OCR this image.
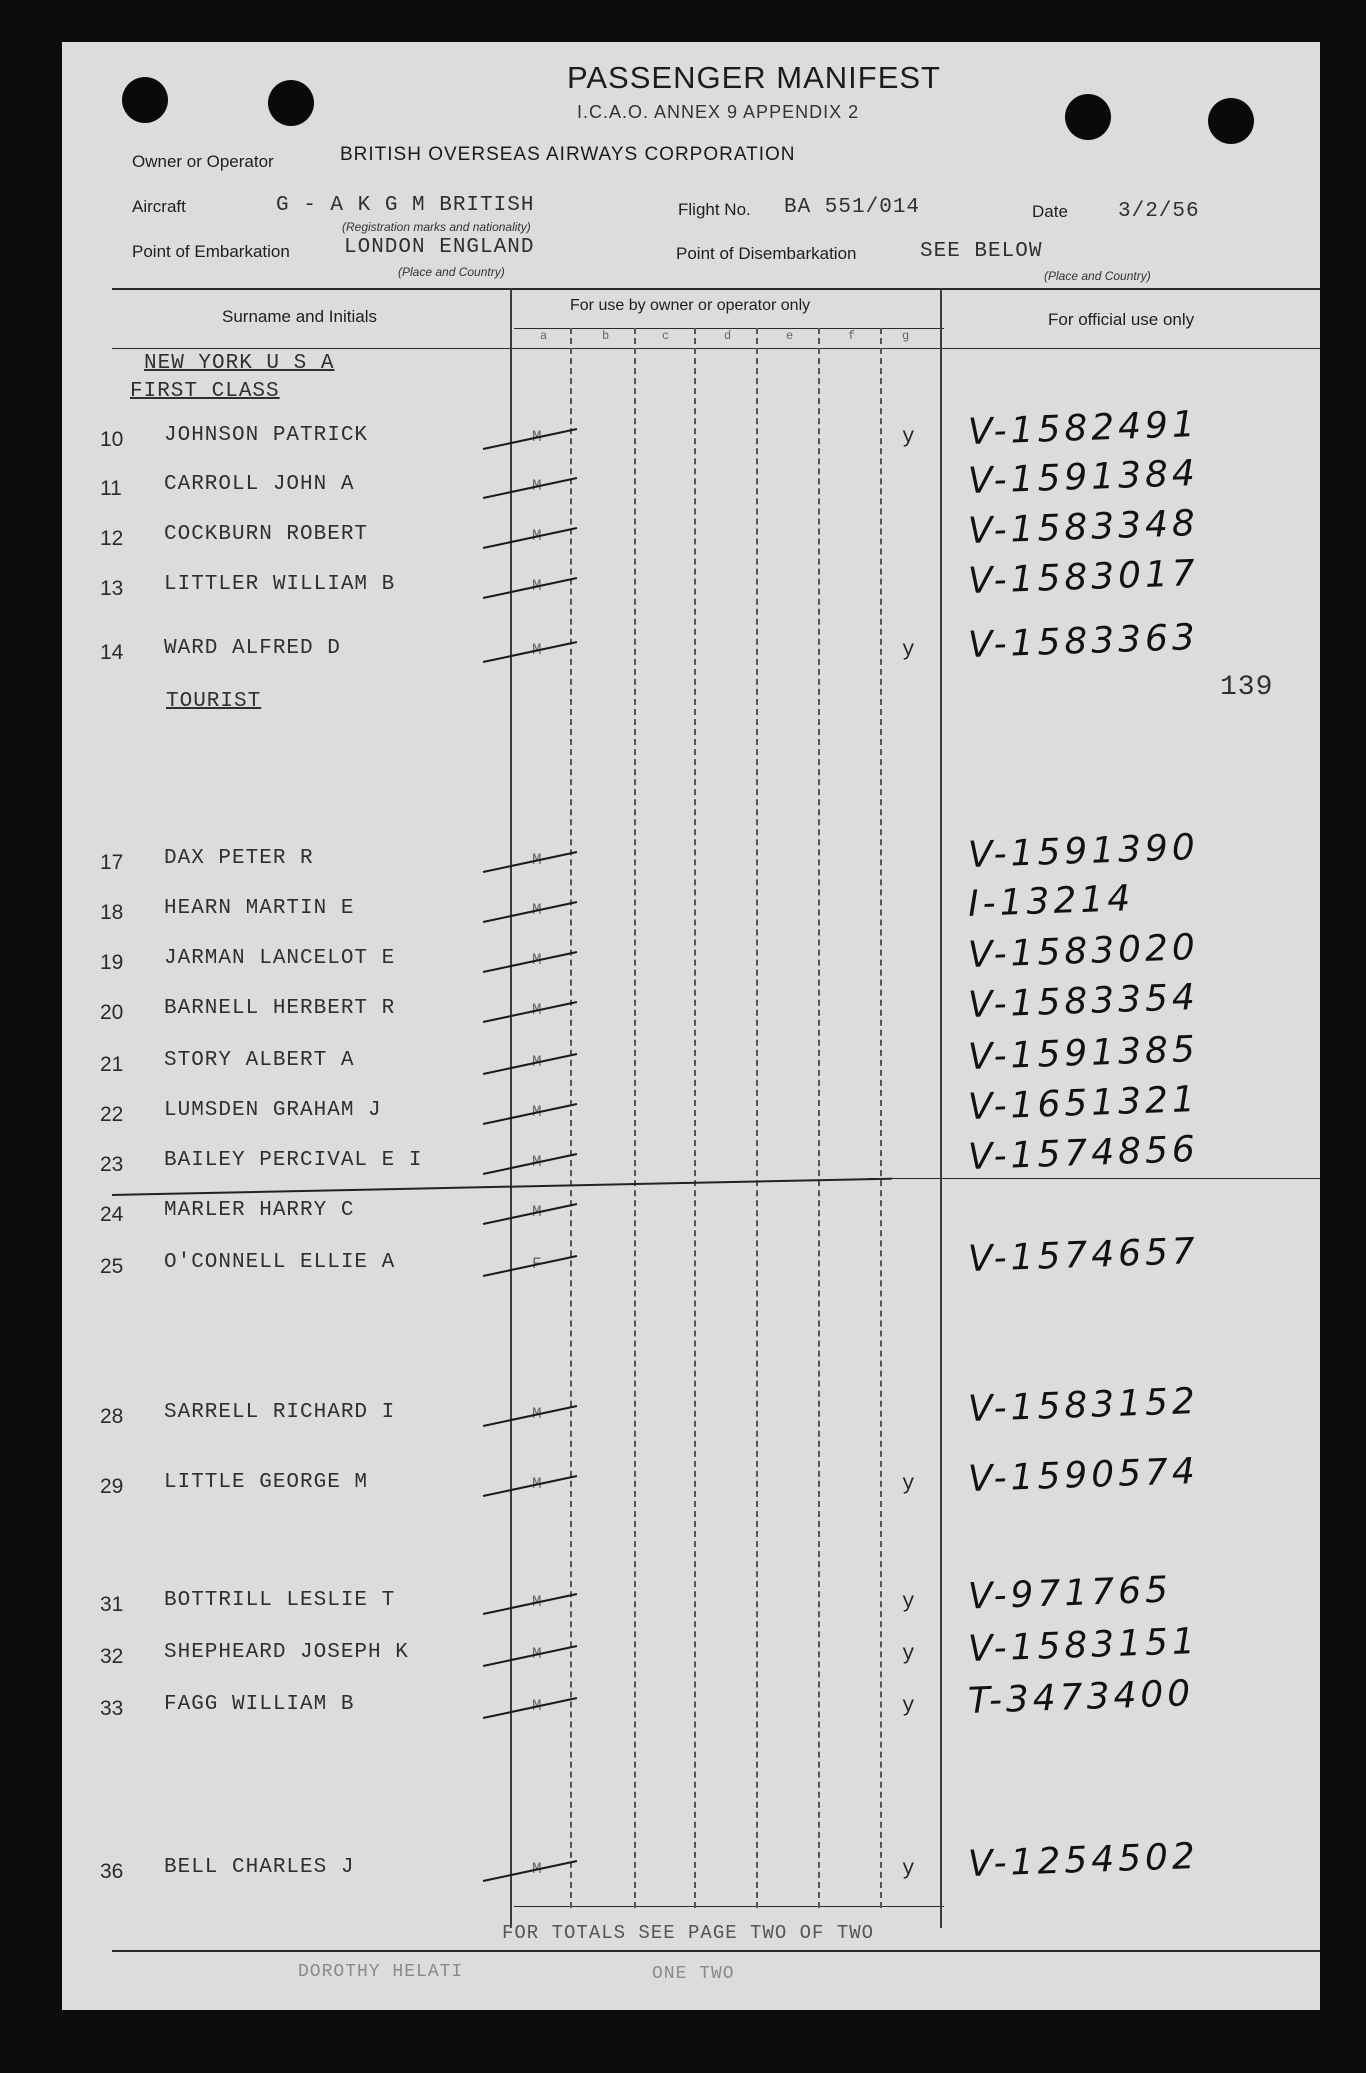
PASSENGER MANIFEST
I.C.A.O. ANNEX 9 APPENDIX 2
Owner or Operator	BRITISH OVERSEAS AIRWAYS CORPORATION
Aircraft	G - A K G M BRITISH
(Registration marks and nationality)
Flight No. BA 551/014	Date 3/2/56
Point of Embarkation	LONDON ENGLAND
(Place and Country)
Point of Disembarkation	SEE BELOW
(Place and Country)
Surname and Initials
For use by owner or operator only
For official use only
a	b	c	d	e	f	g
NEW YORK U S A
FIRST CLASS
TOURIST	139
10 JOHNSON PATRICK	y V-1582491
11 CARROLL JOHN A	V-1591384
12 COCKBURN ROBERT	V-1583348
13 LITTLER WILLIAM B	V-1583017
14 WARD ALFRED D	y V-1583363
17 DAX PETER R	V-1591390
18 HEARN MARTIN E	I-13214
19 JARMAN LANCELOT E	V-1583020
20 BARNELL HERBERT R	V-1583354
21 STORY ALBERT A	V-1591385
22 LUMSDEN GRAHAM J	V-1651321
23 BAILEY PERCIVAL E I	V-1574856
24 MARLER HARRY C
25 O'CONNELL ELLIE A	V-1574657
28 SARRELL RICHARD I	V-1583152
29 LITTLE GEORGE M	y V-1590574
31 BOTTRILL LESLIE T	y V-971765
32 SHEPHEARD JOSEPH K	y V-1583151
33 FAGG WILLIAM B	y T-3473400
36 BELL CHARLES J	y V-1254502
FOR TOTALS SEE PAGE TWO OF TWO
DOROTHY HELATI	ONE TWO
